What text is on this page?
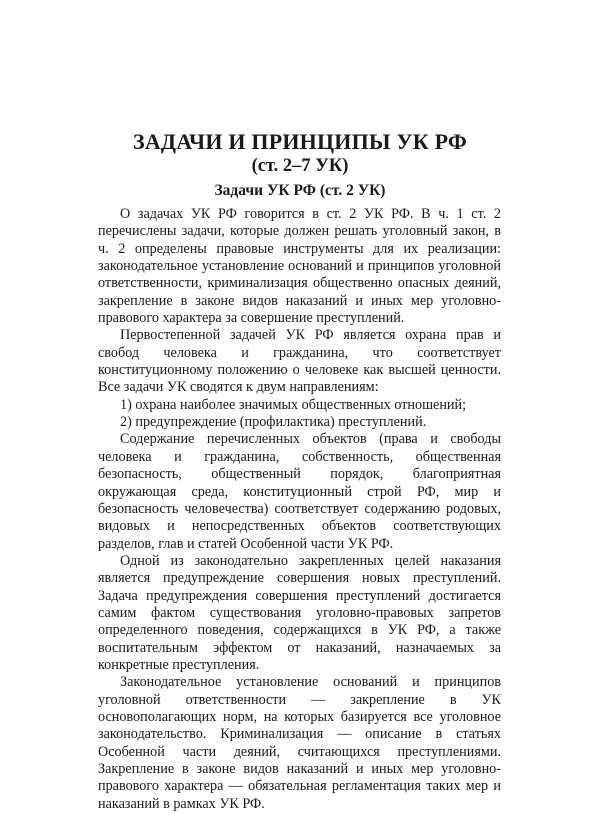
ЗАДАЧИ И ПРИНЦИПЫ УК РФ
(ст. 2–7 УК)
Задачи УК РФ (ст. 2 УК)

О задачах УК РФ говорится в ст. 2 УК РФ. В ч. 1 ст. 2 перечислены задачи, которые должен решать уголовный закон, в ч. 2 определены правовые инструменты для их реализации: законодательное установление оснований и принципов уголовной ответственности, криминализация общественно опасных деяний, закрепление в законе видов наказаний и иных мер уголовно-правового характера за совершение преступлений.

Первостепенной задачей УК РФ является охрана прав и свобод человека и гражданина, что соответствует конституционному положению о человеке как высшей ценности. Все задачи УК сводятся к двум направлениям:

1) охрана наиболее значимых общественных отношений;

2) предупреждение (профилактика) преступлений.

Содержание перечисленных объектов (права и свободы человека и гражданина, собственность, общественная безопасность, общественный порядок, благоприятная окружающая среда, конституционный строй РФ, мир и безопасность человечества) соответствует содержанию родовых, видовых и непосредственных объектов соответствующих разделов, глав и статей Особенной части УК РФ.

Одной из законодательно закрепленных целей наказания является предупреждение совершения новых преступлений. Задача предупреждения совершения преступлений достигается самим фактом существования уголовно-правовых запретов определенного поведения, содержащихся в УК РФ, а также воспитательным эффектом от наказаний, назначаемых за конкретные преступления.

Законодательное установление оснований и принципов уголовной ответственности — закрепление в УК основополагающих норм, на которых базируется все уголовное законодательство. Криминализация — описание в статьях Особенной части деяний, считающихся преступлениями. Закрепление в законе видов наказаний и иных мер уголовно-правового характера — обязательная регламентация таких мер и наказаний в рамках УК РФ.
